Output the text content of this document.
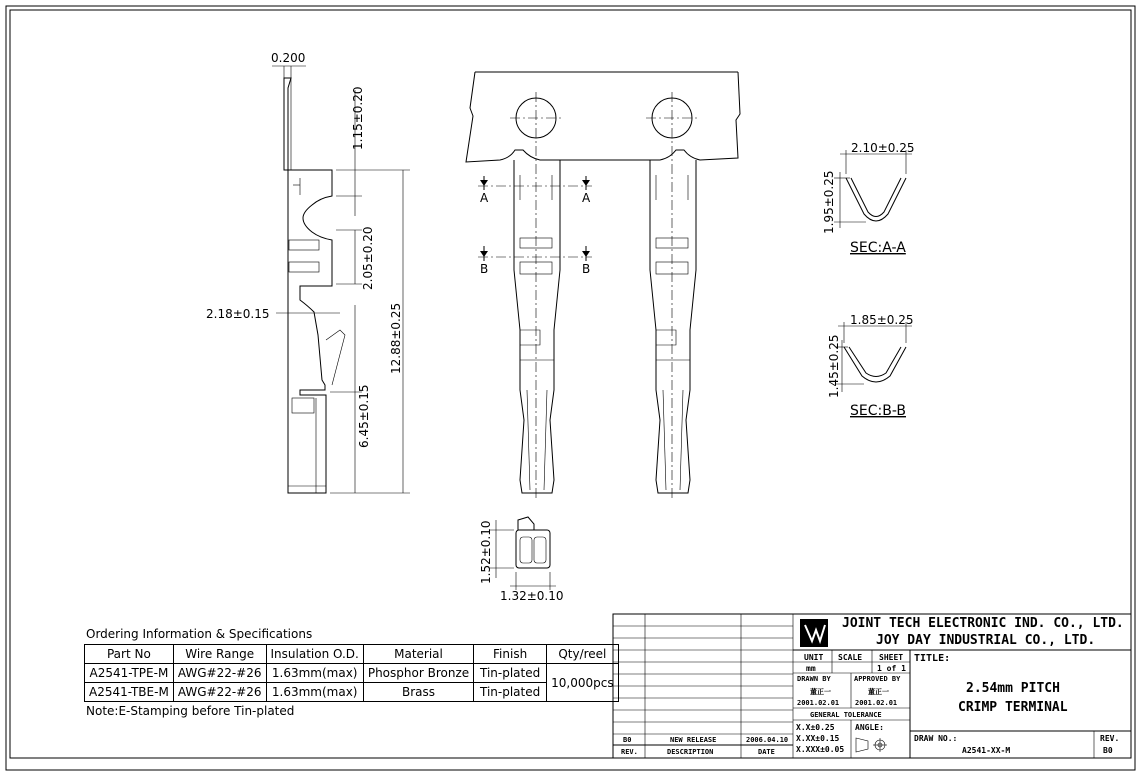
0.200
1.15±0.20
2.05±0.20
12.88±0.25
2.18±0.15
6.45±0.15
A	A
B	B
1.52±0.10
1.32±0.10
2.10±0.25
1.95±0.25
SEC:A-A
1.85±0.25
1.45±0.25
SEC:B-B
JOINT TECH ELECTRONIC IND. CO., LTD.
JOY DAY INDUSTRIAL CO., LTD.
UNIT SCALE SHEET
mm	1 of 1
TITLE:
2.54mm PITCH
CRIMP TERMINAL
DRAWN BY
董正一
2001.02.01
APPROVED BY
董正一
2001.02.01
GENERAL TOLERANCE
X.X±0.25
X.XX±0.15
X.XXX±0.05
ANGLE:
DRAW NO.:
A2541-XX-M
REV.
B0
B0	NEW RELEASE	2006.04.10
REV.	DESCRIPTION	DATE
Ordering Information & Specifications
Part No	Wire Range	Insulation O.D.	Material	Finish	Qty/reel
A2541-TPE-M	AWG#22-#26	1.63mm(max)	Phosphor Bronze	Tin-plated	10,000pcs
A2541-TBE-M	AWG#22-#26	1.63mm(max)	Brass	Tin-plated	
Note:E-Stamping before Tin-plated
